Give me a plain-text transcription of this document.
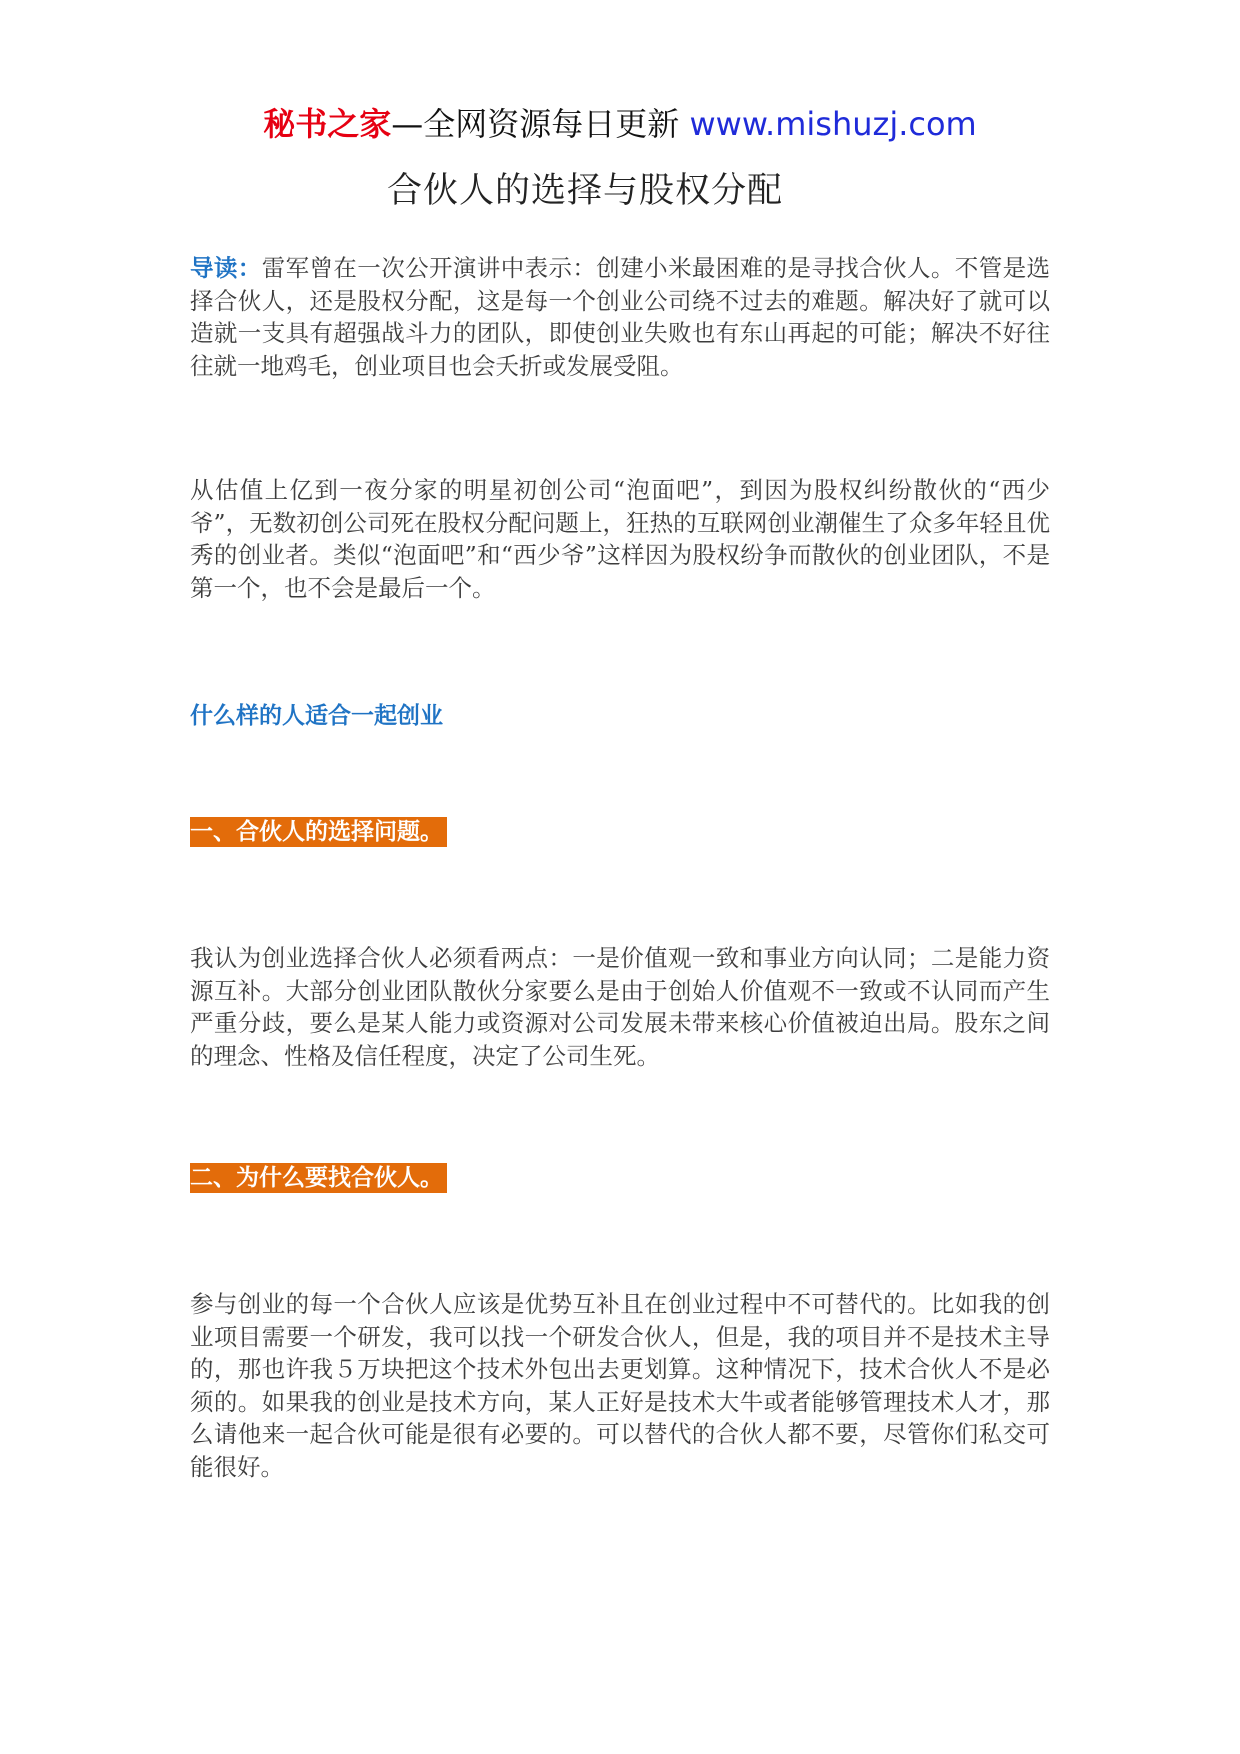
秘书之家—全网资源每日更新 www.mishuzj.com
合伙人的选择与股权分配

导读：雷军曾在一次公开演讲中表示：创建小米最困难的是寻找合伙人。不管是选择合伙人，还是股权分配，这是每一个创业公司绕不过去的难题。解决好了就可以造就一支具有超强战斗力的团队，即使创业失败也有东山再起的可能；解决不好往往就一地鸡毛，创业项目也会夭折或发展受阻。

从估值上亿到一夜分家的明星初创公司“泡面吧”，到因为股权纠纷散伙的“西少爷”，无数初创公司死在股权分配问题上，狂热的互联网创业潮催生了众多年轻且优秀的创业者。类似“泡面吧”和“西少爷”这样因为股权纷争而散伙的创业团队，不是第一个，也不会是最后一个。

什么样的人适合一起创业
一、合伙人的选择问题。

我认为创业选择合伙人必须看两点：一是价值观一致和事业方向认同；二是能力资源互补。大部分创业团队散伙分家要么是由于创始人价值观不一致或不认同而产生严重分歧，要么是某人能力或资源对公司发展未带来核心价值被迫出局。股东之间的理念、性格及信任程度，决定了公司生死。

二、为什么要找合伙人。

参与创业的每一个合伙人应该是优势互补且在创业过程中不可替代的。比如我的创业项目需要一个研发，我可以找一个研发合伙人，但是，我的项目并不是技术主导的，那也许我５万块把这个技术外包出去更划算。这种情况下，技术合伙人不是必须的。如果我的创业是技术方向，某人正好是技术大牛或者能够管理技术人才，那么请他来一起合伙可能是很有必要的。可以替代的合伙人都不要，尽管你们私交可能很好。
